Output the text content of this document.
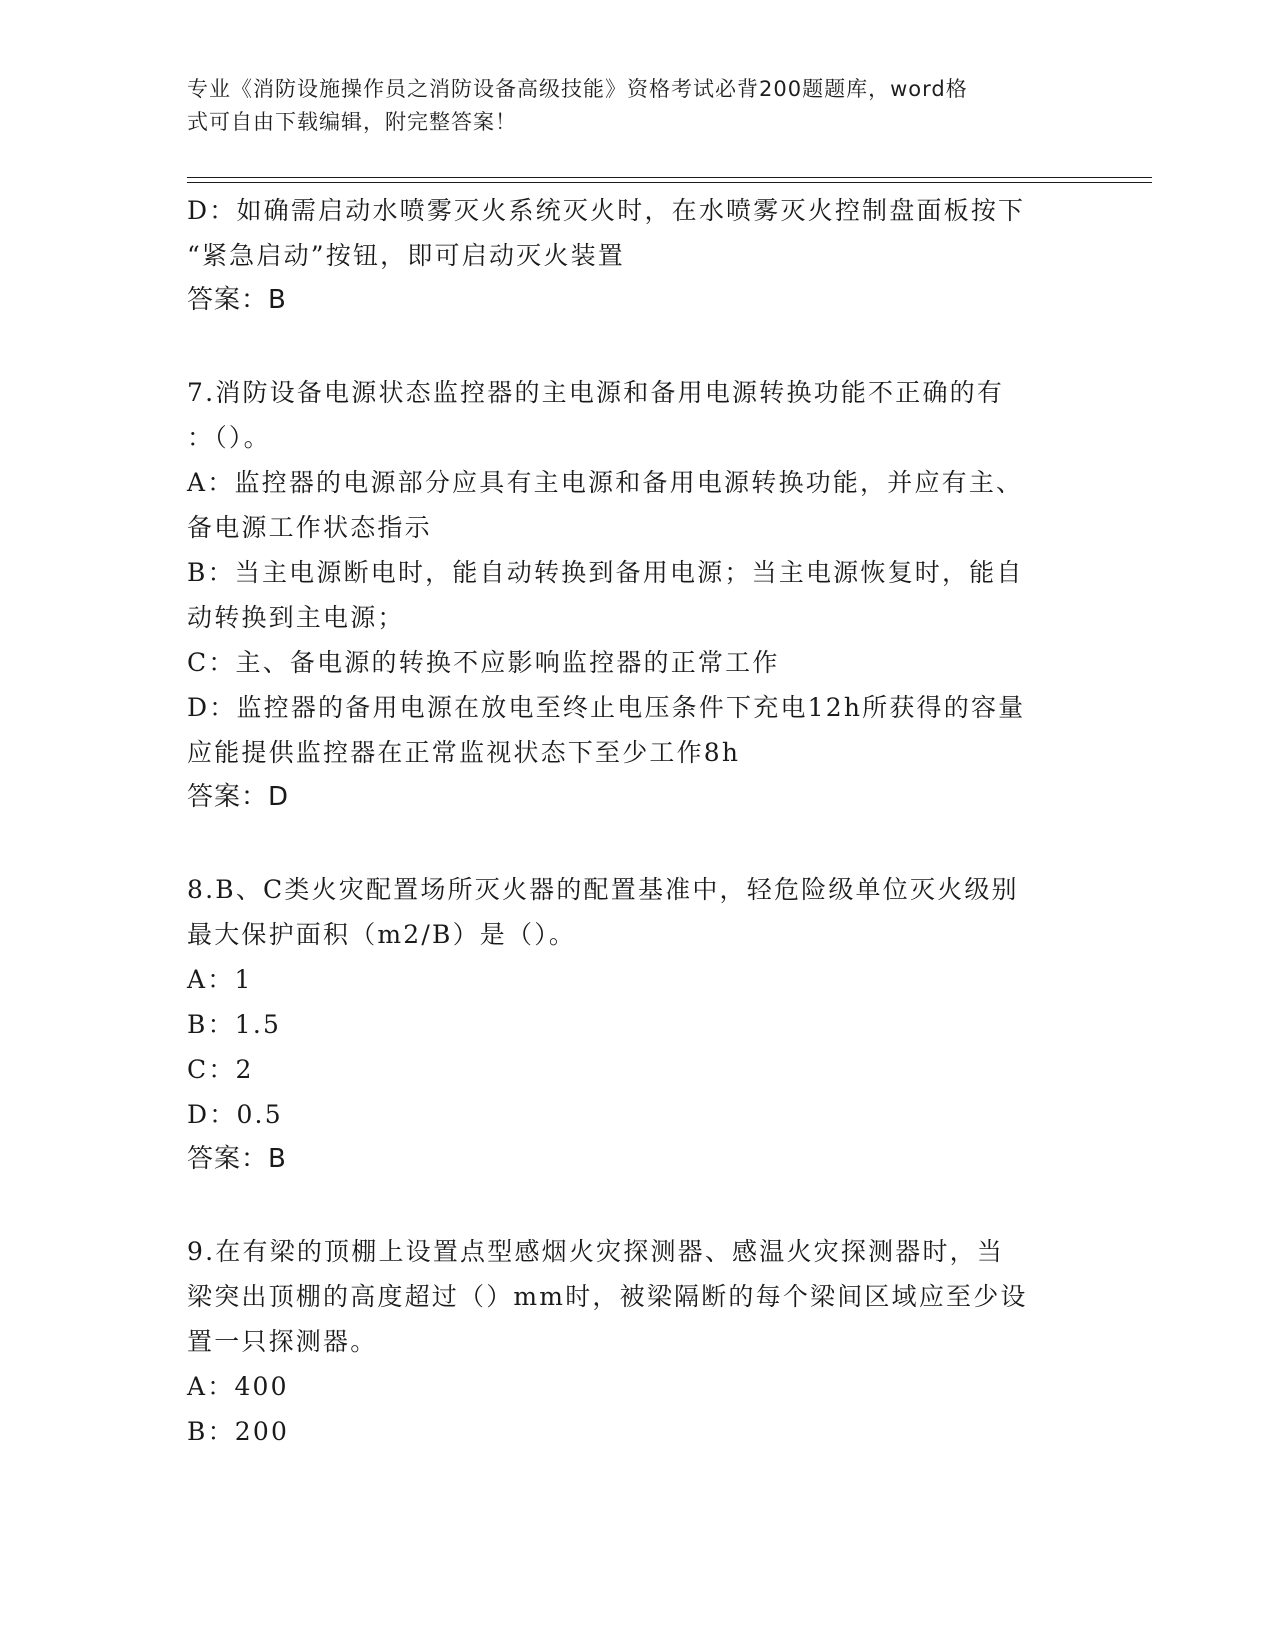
专业《消防设施操作员之消防设备高级技能》资格考试必背200题题库，word格
式可自由下载编辑，附完整答案！
D：如确需启动水喷雾灭火系统灭火时，在水喷雾灭火控制盘面板按下
“紧急启动”按钮，即可启动灭火装置
答案：B
7.消防设备电源状态监控器的主电源和备用电源转换功能不正确的有
：（）。
A：监控器的电源部分应具有主电源和备用电源转换功能，并应有主、
备电源工作状态指示
B：当主电源断电时，能自动转换到备用电源；当主电源恢复时，能自
动转换到主电源；
C：主、备电源的转换不应影响监控器的正常工作
D：监控器的备用电源在放电至终止电压条件下充电12h所获得的容量
应能提供监控器在正常监视状态下至少工作8h
答案：D
8.B、C类火灾配置场所灭火器的配置基准中，轻危险级单位灭火级别
最大保护面积（m2/B）是（）。
A：1
B：1.5
C：2
D：0.5
答案：B
9.在有梁的顶棚上设置点型感烟火灾探测器、感温火灾探测器时，当
梁突出顶棚的高度超过（）mm时，被梁隔断的每个梁间区域应至少设
置一只探测器。
A：400
B：200
